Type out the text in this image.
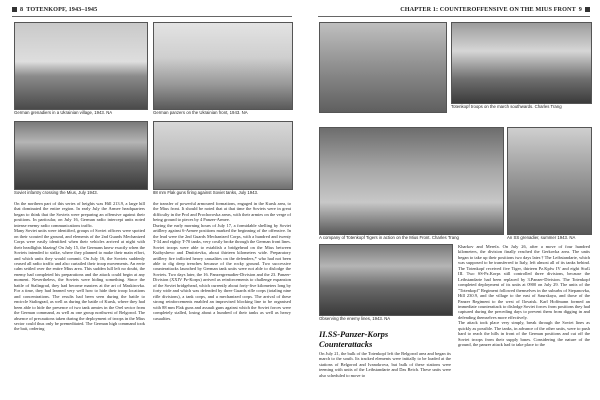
8 TOTENKOPF, 1943–1945	CHAPTER 1: COUNTEROFFENSIVE ON THE MIUS FRONT 9
German grenadiers in a Ukrainian village, 1943. NA	German panzers on the Ukrainian front, 1943. NA
Soviet infantry crossing the Mius, July 1943.	88 mm Flak guns firing against Soviet tanks, July 1943.

On the northern part of this series of heights was Hill 213.9, a large hill that dominated the entire region. In early July the Armee headquarters began to think that the Soviets were preparing an offensive against their positions. In particular, on July 16, German radio intercept units noted intense enemy radio communications traffic.
Many Soviet units were identified, groups of Soviet officers were spotted on their scouted the ground, and elements of the 2nd Guards Mechanized Corps were easily identified when their vehicles arrived at night with their headlights blazing! On July 15, the Germans knew exactly when the Soviets intended to strike, where they planned to make their main effort, and which units they would commit. On July 16, the Soviets suddenly ceased all radio traffic and also curtailed their troop movements. An eerie calm settled over the entire Mius area. This sudden lull left no doubt, the enemy had completed his preparations and the attack could begin at any moment. Nevertheless, the Soviets were hiding something. Since the battle of Stalingrad, they had become masters at the art of Maskirovka. For a time, they had learned very well how to hide their troop locations and concentrations. The results had been seen during the battle to encircle Stalingrad, as well as during the battle of Kursk, where they had been able to hide the presence of two tank armies in the Orel sector from the German command, as well as one group northwest of Belgorod. The absence of precautions taken during the deployment of troops in the Mius sector could thus only be premeditated. The German high command took the bait, ordering

the transfer of powerful armoured formations, engaged in the Kursk area, to the Mius front. It should be noted that at that time the Soviets were in great difficulty in the Prol and Prochorovka areas, with their armies on the verge of being ground to pieces by 4 Panzer-Armee.
During the early morning hours of July 17, a formidable shelling by Soviet artillery against 6-Armee positions marked the beginning of the offensive. In the lead were the 2nd Guards Mechanized Corps, with a hundred and twenty T-34 and eighty T-70 tanks, very costly broke through the German front lines. Soviet troops were able to establish a bridgehead on the Mius between Kuibyshevo and Dmitrievka, about thirteen kilometers wide. Preparatory artillery fire inflicted heavy casualties on the defenders,* who had not been able to dig deep trenches because of the rocky ground. Two successive counterattacks launched by German tank units were not able to dislodge the Soviets. Two days later, the 16. Panzergrenadier-Division and the 23. Panzer-Division (XXIV Pz-Korps) arrived as reinforcements to challenge expansion of the Soviet bridgehead, which currently about forty-five kilometers long by forty wide and which was defended by three Guards rifle corps (totaling nine rifle divisions), a tank corps, and a mechanized corps. The arrival of these strong reinforcements enabled an improvised blocking line to be organised with 88 mm Flak guns and assault guns against which the Soviet forces were completely stalled, losing about a hundred of their tanks as well as heavy casualties.

Totenkopf troops on the march southwards. Charles Trang
A company of Totenkopf Tigers in action on the Mius Front. Charles Trang	An SS grenadier, summer 1943. NA
Observing the enemy lines, 1943. NA
II.SS-Panzer-Korps
Counterattacks

On July 21, the bulk of the Totenkopf left the Belgorod area and began its march to the south. Its tracked elements were initially to be loaded at the stations of Belgorod and Ivanokrova, but bulk of these stations were teeming with units of the Leibstandarte and Das Reich. These units were also scheduled to move to

Kharkov and Merefa. On July 26, after a move of four hundred kilometers, the division finally reached the Gerkovka area. The units began to take up their positions two days later.† The Leibstandarte, which was supposed to be transferred to Italy, left almost all of its tanks behind. The Totenkopf received five Tiger, thirteen Pz.Kpfw IV and eight StuG III. Two SS-Pz.Korps still controlled three divisions, because the Leibstandarte had been replaced by 3.Panzer-Division. The Totenkopf completed deployment of its units at 0900 on July 29. The units of the "Totenkopf" Regiment followed themselves in the suburbs of Stepanovka, Hill 230.9, and the village to the east of Saurskaya, and those of the Panzer Regiment to the west of Ilovaisk. Karl Hoffmann formed an immediate counterattack to dislodge Soviet forces from positions they had captured during the preceding days to prevent them from digging in and defending themselves more effectively.
The attack took place very simply, break through the Soviet lines as quickly as possible. The tanks, in advance of the other units, were to push hard to reach the hills in front of the German positions and cut off the Soviet troops from their supply bases. Considering the nature of the ground, the panzer attack had to take place to the
